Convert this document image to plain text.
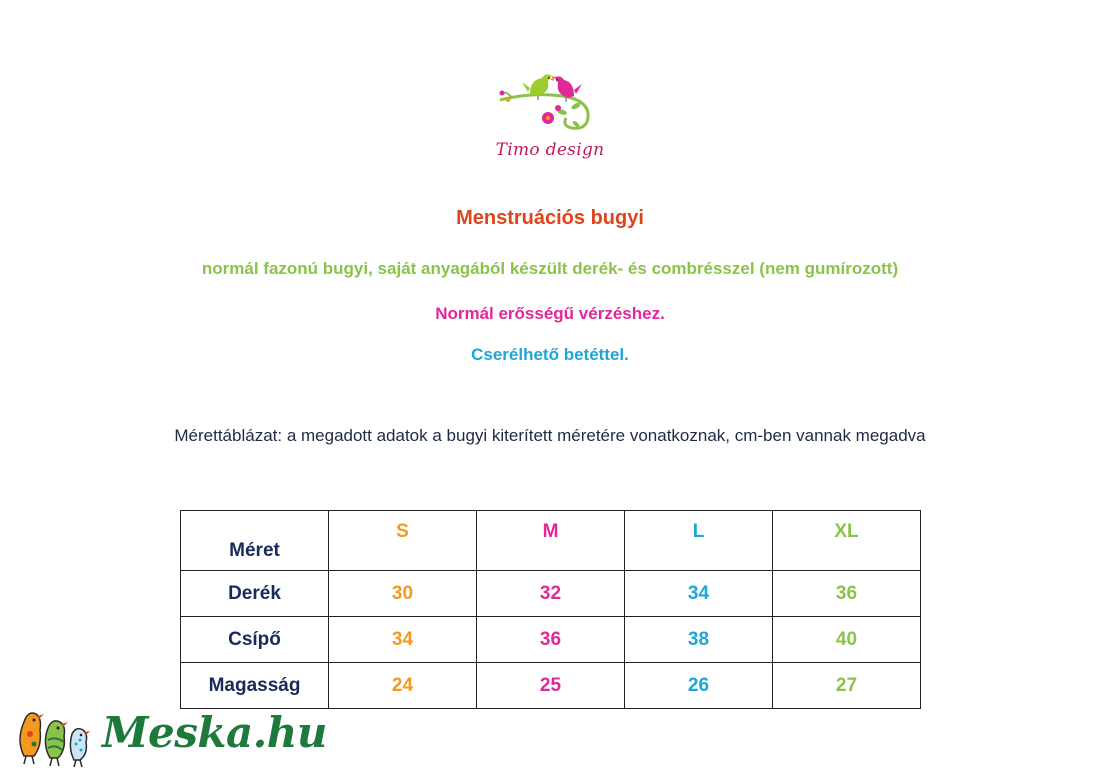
Timo design
Menstruációs bugyi
normál fazonú bugyi, saját anyagából készült derék- és combrésszel (nem gumírozott)
Normál erősségű vérzéshez.
Cserélhető betéttel.
Mérettáblázat: a megadott adatok a bugyi kiterített méretére vonatkoznak, cm-ben vannak megadva
Méret	S	M	L	XL
Derék	30	32	34	36
Csípő	34	36	38	40
Magasság	24	25	26	27
Meska.hu
